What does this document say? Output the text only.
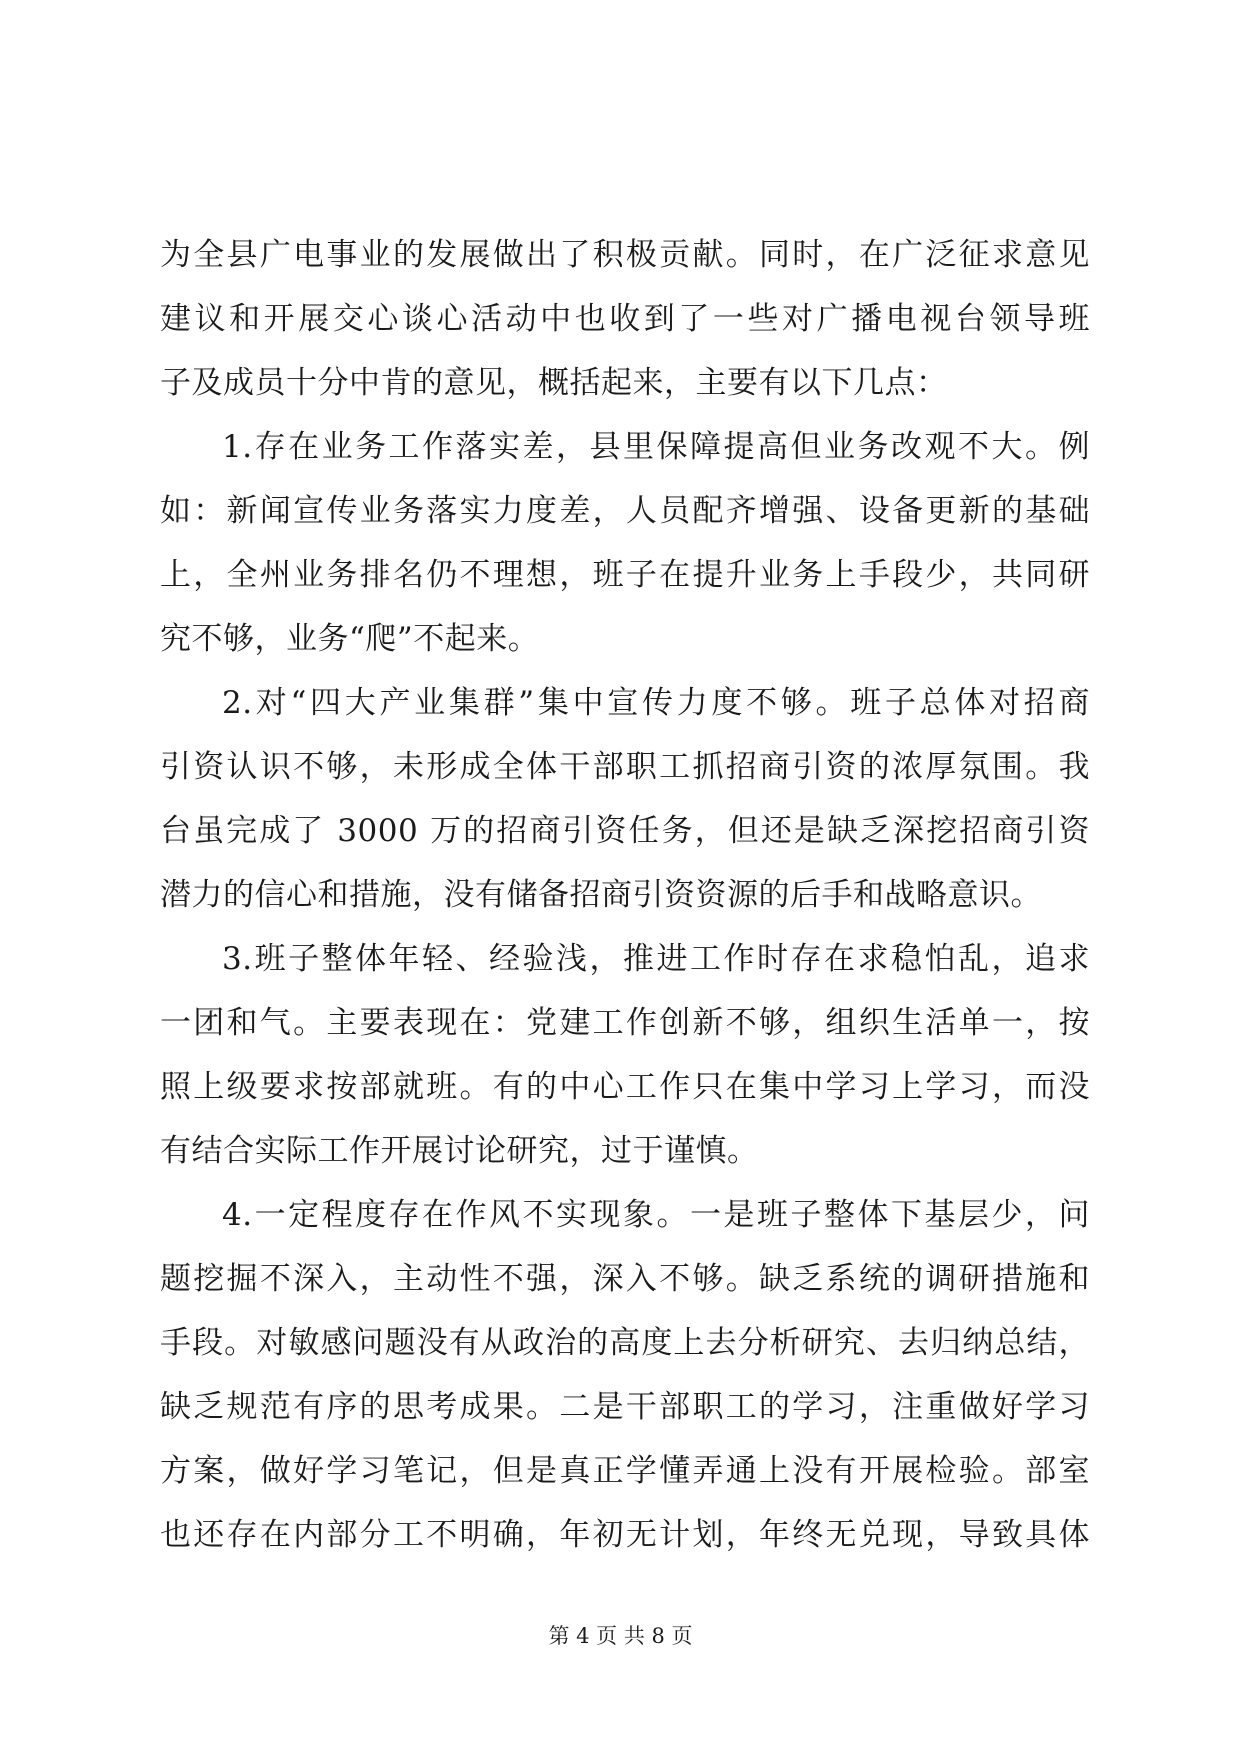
为全县广电事业的发展做出了积极贡献。同时，在广泛征求意见
建议和开展交心谈心活动中也收到了一些对广播电视台领导班
子及成员十分中肯的意见，概括起来，主要有以下几点：
1.存在业务工作落实差，县里保障提高但业务改观不大。例
如：新闻宣传业务落实力度差，人员配齐增强、设备更新的基础
上，全州业务排名仍不理想，班子在提升业务上手段少，共同研
究不够，业务“爬”不起来。
2.对“四大产业集群”集中宣传力度不够。班子总体对招商
引资认识不够，未形成全体干部职工抓招商引资的浓厚氛围。我
台虽完成了 3000 万的招商引资任务，但还是缺乏深挖招商引资
潜力的信心和措施，没有储备招商引资资源的后手和战略意识。
3.班子整体年轻、经验浅，推进工作时存在求稳怕乱，追求
一团和气。主要表现在：党建工作创新不够，组织生活单一，按
照上级要求按部就班。有的中心工作只在集中学习上学习，而没
有结合实际工作开展讨论研究，过于谨慎。
4.一定程度存在作风不实现象。一是班子整体下基层少，问
题挖掘不深入，主动性不强，深入不够。缺乏系统的调研措施和
手段。对敏感问题没有从政治的高度上去分析研究、去归纳总结，
缺乏规范有序的思考成果。二是干部职工的学习，注重做好学习
方案，做好学习笔记，但是真正学懂弄通上没有开展检验。部室
也还存在内部分工不明确，年初无计划，年终无兑现，导致具体
第 4 页 共 8 页
